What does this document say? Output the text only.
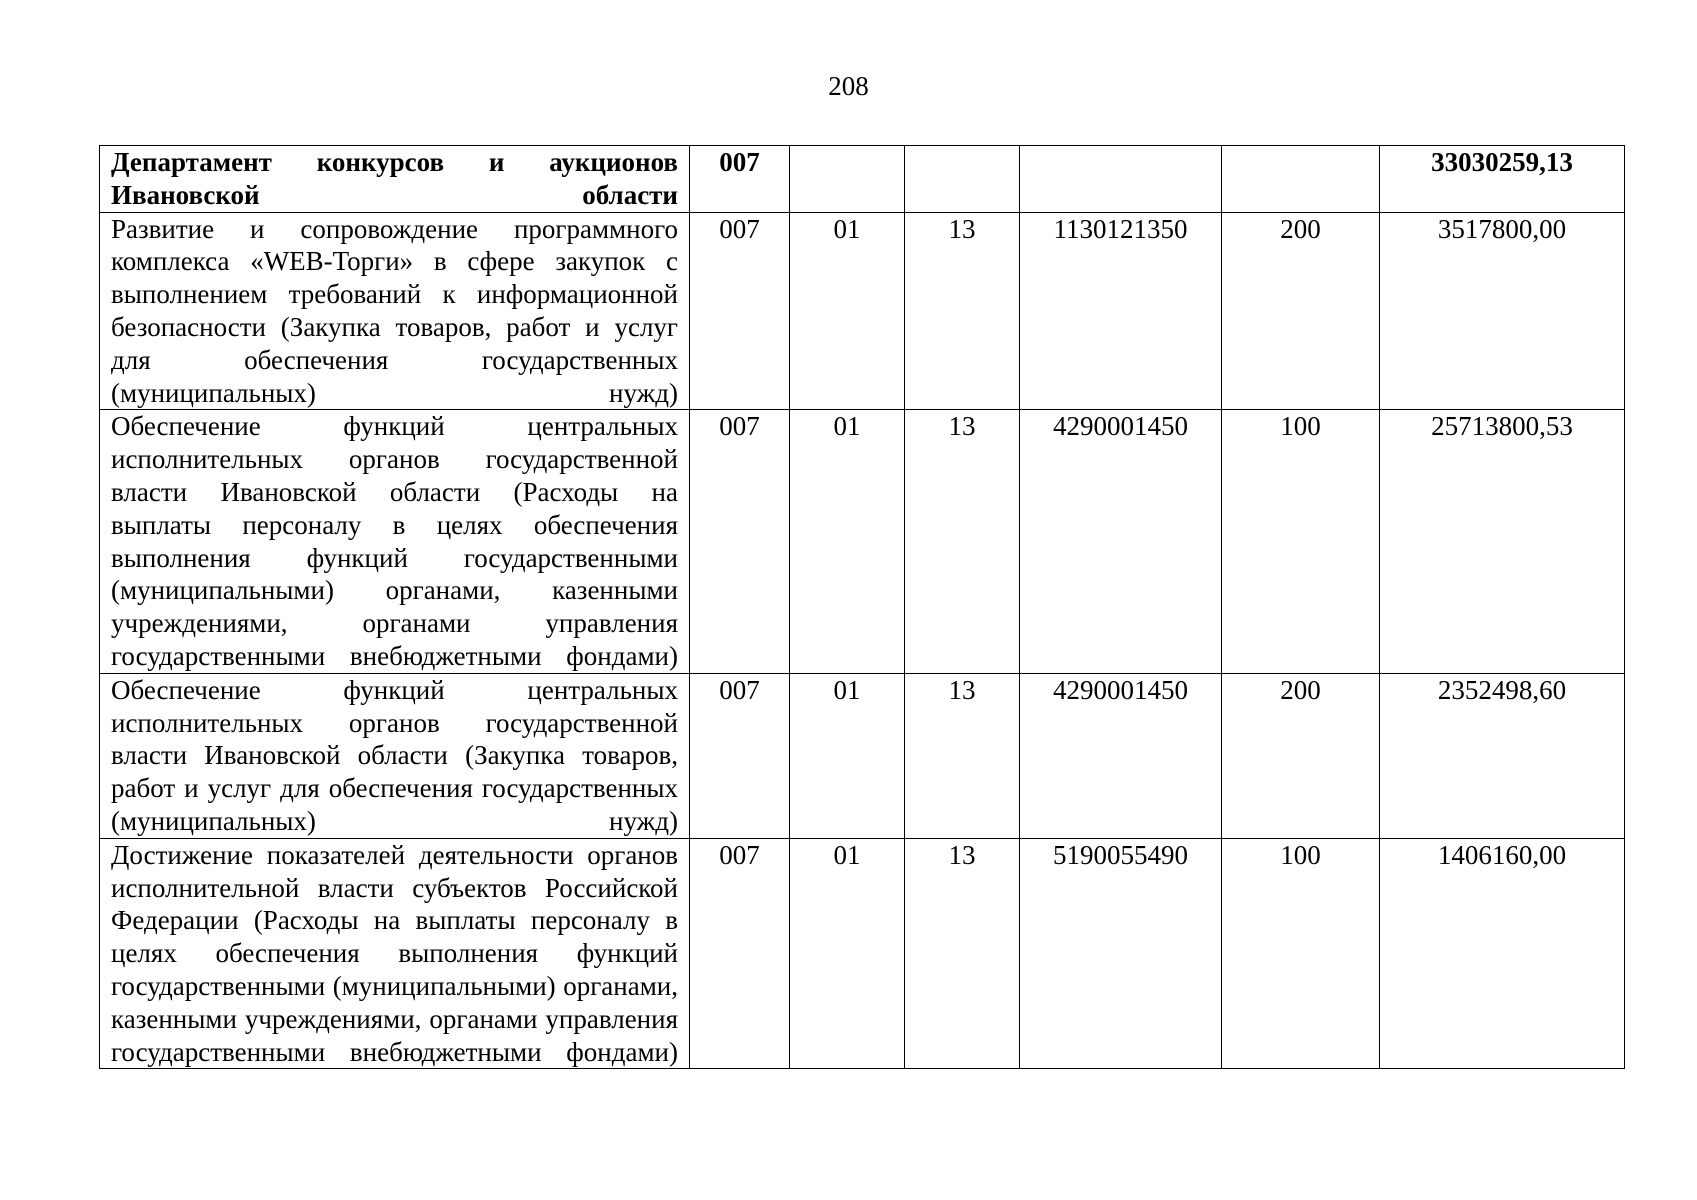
208
Департамент конкурсов и аукционов Ивановской области	007					33030259,13
Развитие и сопровождение программного комплекса «WEB-Торги» в сфере закупок с выполнением требований к информационной безопасности (Закупка товаров, работ и услуг для обеспечения государственных (муниципальных) нужд)	007	01	13	1130121350	200	3517800,00
Обеспечение функций центральных исполнительных органов государственной власти Ивановской области (Расходы на выплаты персоналу в целях обеспечения выполнения функций государственными (муниципальными) органами, казенными учреждениями, органами управления государственными внебюджетными фондами)	007	01	13	4290001450	100	25713800,53
Обеспечение функций центральных исполнительных органов государственной власти Ивановской области (Закупка товаров, работ и услуг для обеспечения государственных (муниципальных) нужд)	007	01	13	4290001450	200	2352498,60
Достижение показателей деятельности органов исполнительной власти субъектов Российской Федерации (Расходы на выплаты персоналу в целях обеспечения выполнения функций государственными (муниципальными) органами, казенными учреждениями, органами управления государственными внебюджетными фондами)	007	01	13	5190055490	100	1406160,00
